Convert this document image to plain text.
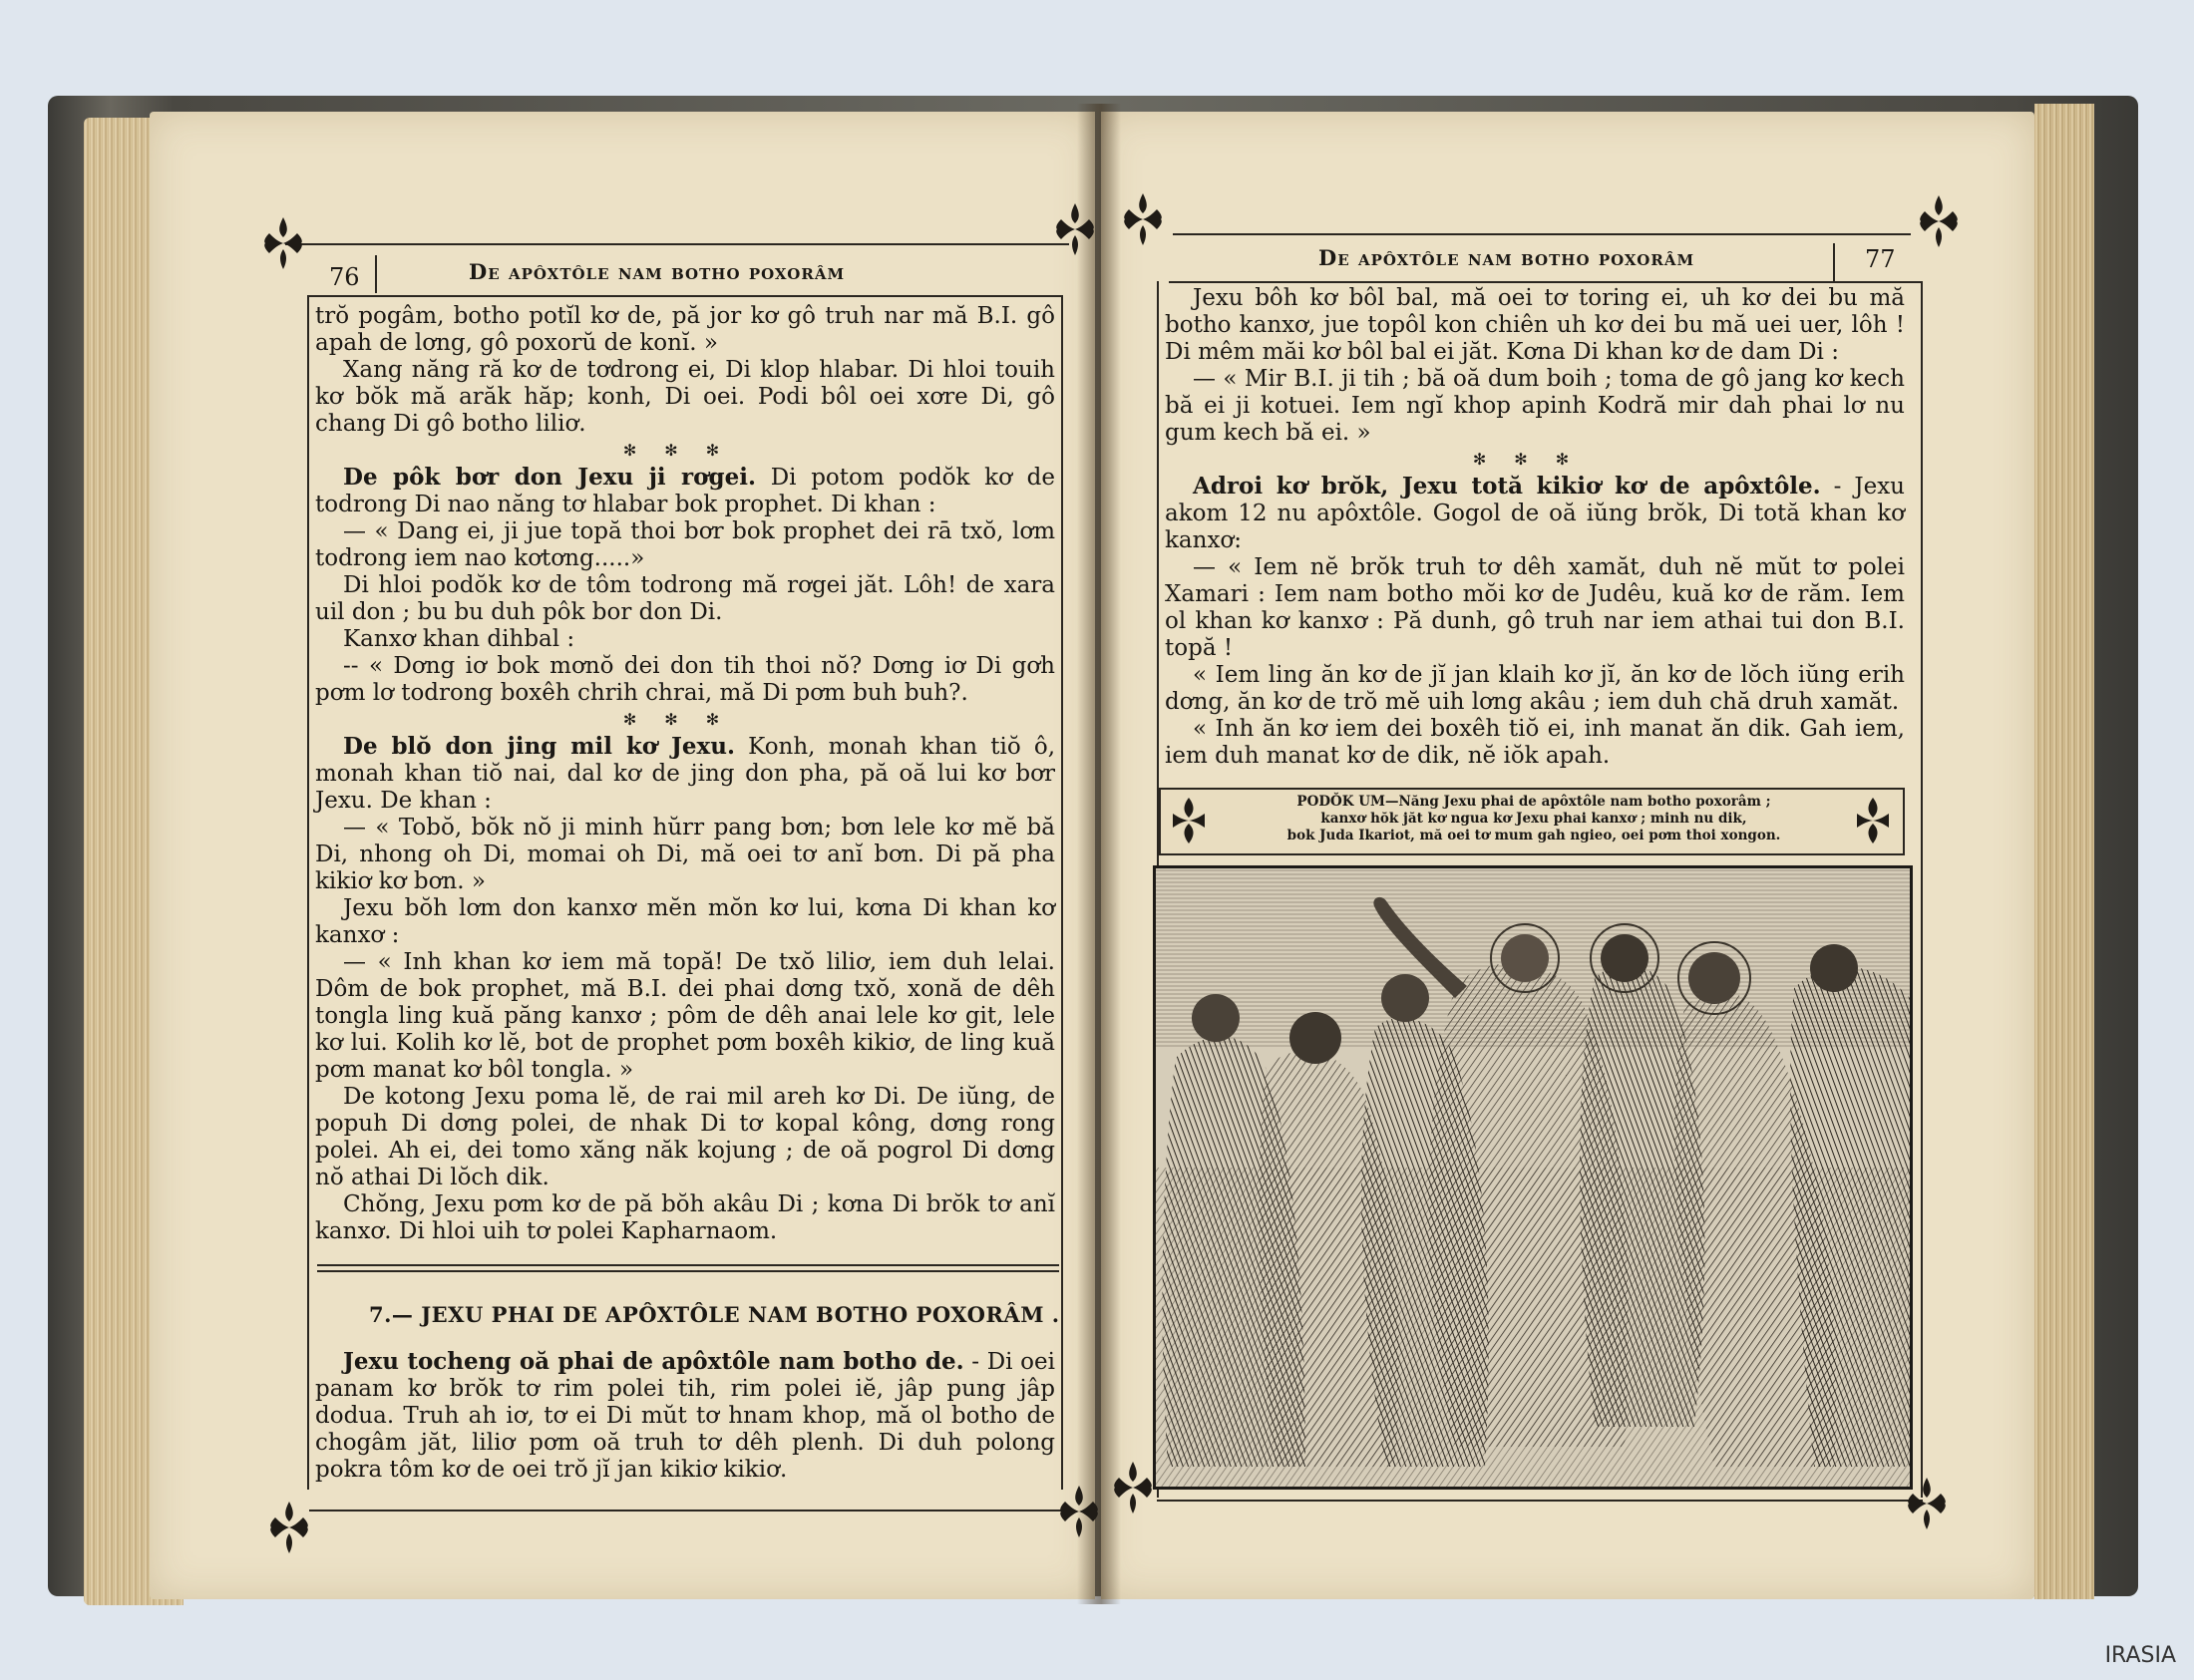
76	De apôxtôle nam botho poxorâm

trŏ pogâm, botho potĭl kơ de, pă jor kơ gô truh nar mă B.I. gô apah de lơng, gô poxorŭ de konĭ. »

Xang năng ră kơ de tơdrong ei, Di klop hlabar. Di hloi touih kơ bŏk mă arăk hăp; konh, Di oei. Podi bôl oei xơre Di, gô chang Di gô botho liliơ.

✻✻✻

De pôk bơr don Jexu ji rơgei. Di potom podŏk kơ de todrong Di nao năng tơ hlabar bok prophet. Di khan :

— « Dang ei, ji jue topă thoi bơr bok prophet dei rā txŏ, lơm todrong iem nao kơtơng.....»

Di hloi podŏk kơ de tôm todrong mă rơgei jăt. Lôh! de xara uil don ; bu bu duh pôk bor don Di.

Kanxơ khan dihbal :

-- « Dơng iơ bok mơnŏ dei don tih thoi nŏ? Dơng iơ Di gơh pơm lơ todrong boxêh chrih chrai, mă Di pơm buh buh?.

✻✻✻

De blŏ don jing mil kơ Jexu. Konh, monah khan tiŏ ô, monah khan tiŏ nai, dal kơ de jing don pha, pă oă lui kơ bơr Jexu. De khan :

— « Tobŏ, bŏk nŏ ji minh hŭrr pang bơn; bơn lele kơ mĕ bă Di, nhong oh Di, momai oh Di, mă oei tơ anĭ bơn. Di pă pha kikiơ kơ bơn. »

Jexu bŏh lơm don kanxơ mĕn mŏn kơ lui, kơna Di khan kơ kanxơ :

— « Inh khan kơ iem mă topă! De txŏ liliơ, iem duh lelai. Dôm de bok prophet, mă B.I. dei phai dơng txŏ, xonă de dêh tongla ling kuă păng kanxơ ; pôm de dêh anai lele kơ git, lele kơ lui. Kolih kơ lĕ, bot de prophet pơm boxêh kikiơ, de ling kuă pơm manat kơ bôl tongla. »

De kotong Jexu poma lĕ, de rai mil areh kơ Di. De iŭng, de popuh Di dơng polei, de nhak Di tơ kopal kông, dơng rong polei. Ah ei, dei tomo xăng năk kojung ; de oă pogrol Di dơng nŏ athai Di lŏch dik.

Chŏng, Jexu pơm kơ de pă bŏh akâu Di ; kơna Di brŏk tơ anĭ kanxơ. Di hloi uih tơ polei Kapharnaom.

7.— JEXU PHAI DE APÔXTÔLE NAM BOTHO POXORÂM .

Jexu tocheng oă phai de apôxtôle nam botho de. - Di oei panam kơ brŏk tơ rim polei tih, rim polei iĕ, jâp pung jâp dodua. Truh ah iơ, tơ ei Di mŭt tơ hnam khop, mă ol botho de chogâm jăt, liliơ pơm oă truh tơ dêh plenh. Di duh polong pokra tôm kơ de oei trŏ jĭ jan kikiơ kikiơ.

De apôxtôle nam botho poxorâm	77

Jexu bôh kơ bôl bal, mă oei tơ toring ei, uh kơ dei bu mă botho kanxơ, jue topôl kon chiên uh kơ dei bu mă uei uer, lôh ! Di mêm măi kơ bôl bal ei jăt. Kơna Di khan kơ de dam Di :

— « Mir B.I. ji tih ; bă oă dum boih ; toma de gô jang kơ kech bă ei ji kotuei. Iem ngĭ khop apinh Kodră mir dah phai lơ nu gum kech bă ei. »

✻✻✻

Adroi kơ brŏk, Jexu totă kikiơ kơ de apôxtôle. - Jexu akom 12 nu apôxtôle. Gogol de oă iŭng brŏk, Di totă khan kơ kanxơ:

— « Iem nĕ brŏk truh tơ dêh xamăt, duh nĕ mŭt tơ polei Xamari : Iem nam botho mŏi kơ de Judêu, kuă kơ de răm. Iem ol khan kơ kanxơ : Pă dunh, gô truh nar iem athai tui don B.I. topă !

« Iem ling ăn kơ de jĭ jan klaih kơ jĭ, ăn kơ de lŏch iŭng erih dơng, ăn kơ de trŏ mĕ uih lơng akâu ; iem duh chă druh xamăt.

« Inh ăn kơ iem dei boxêh tiŏ ei, inh manat ăn dik. Gah iem, iem duh manat kơ de dik, nĕ iŏk apah.

PODŎK UM—Năng Jexu phai de apôxtôle nam botho poxorâm ;
kanxơ hŏk jăt kơ ngua kơ Jexu phai kanxơ ; minh nu dik,
bok Juda Ikariot, mă oei tơ mum gah ngieo, oei pơm thoi xongon.
IRASIA
